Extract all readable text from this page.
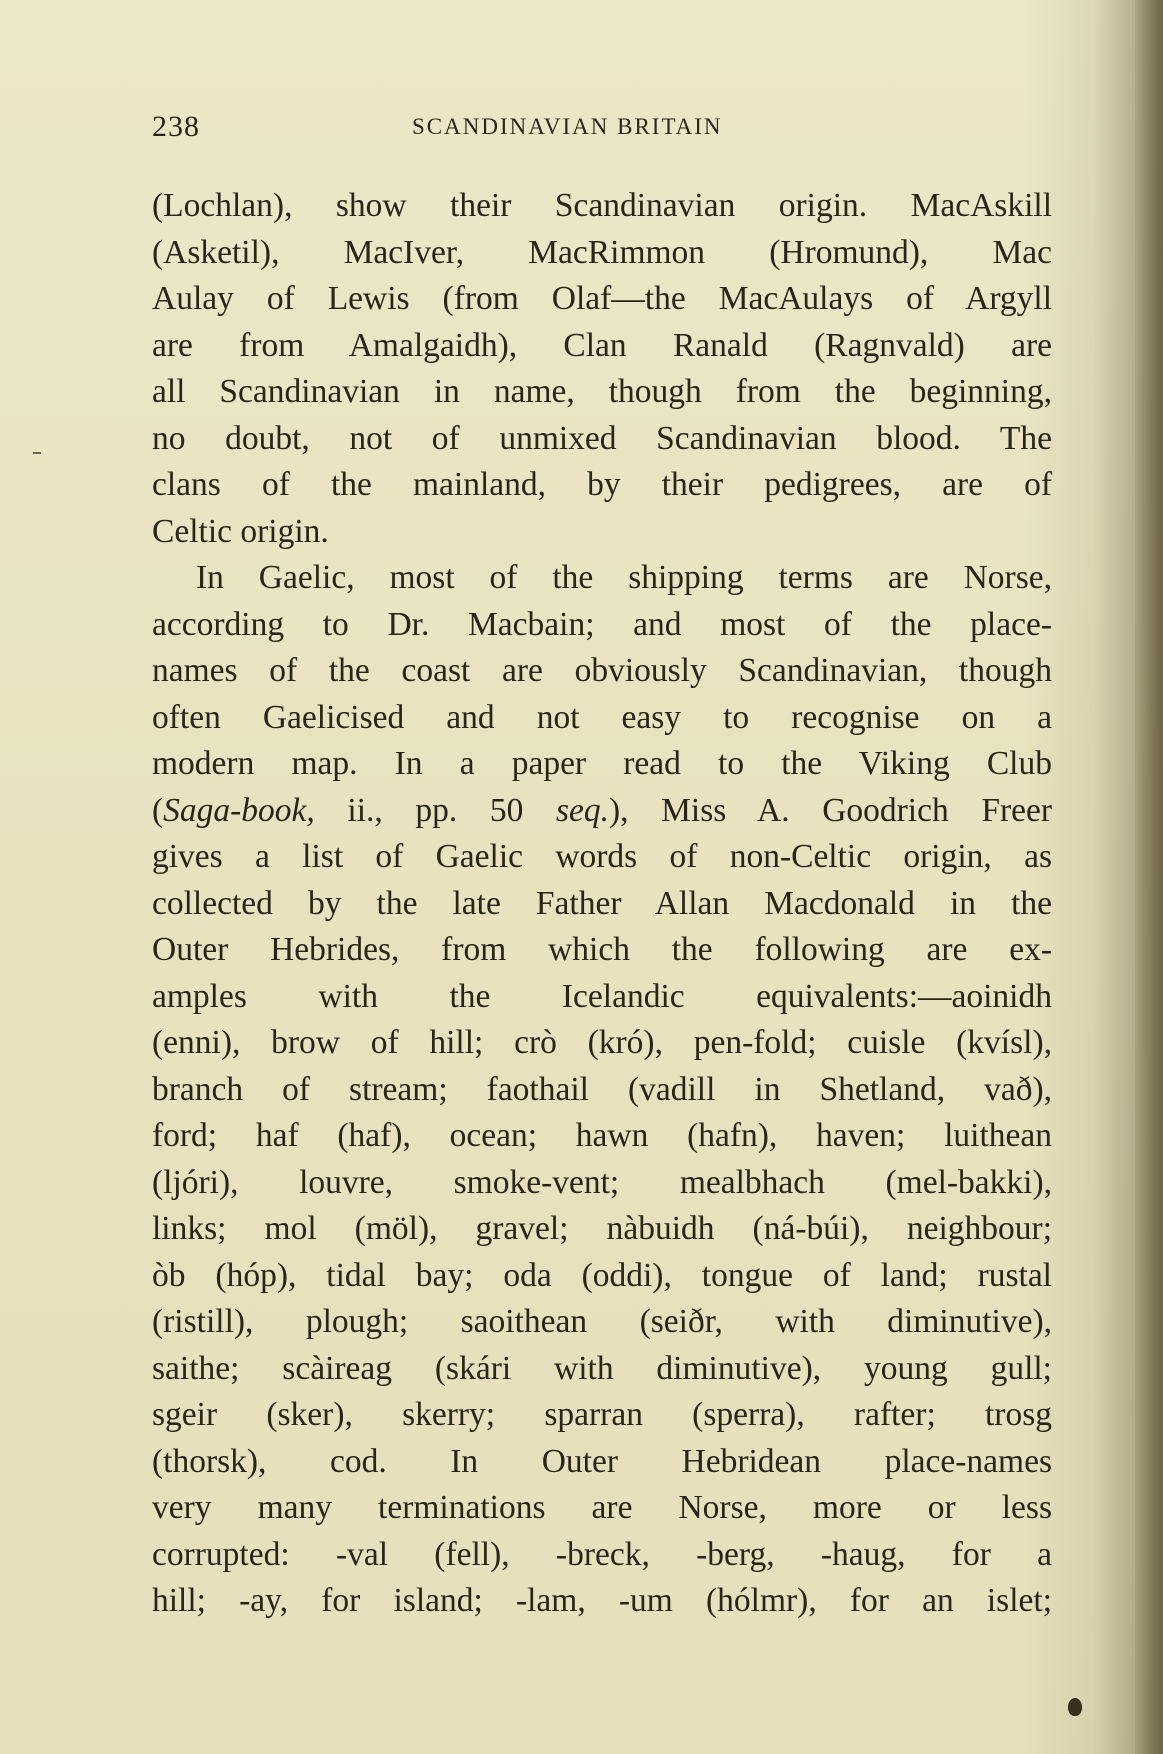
238	SCANDINAVIAN BRITAIN
(Lochlan), show their Scandinavian origin. MacAskill
(Asketil), MacIver, MacRimmon (Hromund), Mac
Aulay of Lewis (from Olaf—the MacAulays of Argyll
are from Amalgaidh), Clan Ranald (Ragnvald) are
all Scandinavian in name, though from the beginning,
no doubt, not of unmixed Scandinavian blood. The
clans of the mainland, by their pedigrees, are of
Celtic origin.
In Gaelic, most of the shipping terms are Norse,
according to Dr. Macbain; and most of the place-
names of the coast are obviously Scandinavian, though
often Gaelicised and not easy to recognise on a
modern map. In a paper read to the Viking Club
(Saga-book, ii., pp. 50 seq.), Miss A. Goodrich Freer
gives a list of Gaelic words of non-Celtic origin, as
collected by the late Father Allan Macdonald in the
Outer Hebrides, from which the following are ex-
amples with the Icelandic equivalents:—aoinidh
(enni), brow of hill; crò (kró), pen-fold; cuisle (kvísl),
branch of stream; faothail (vadill in Shetland, vað),
ford; haf (haf), ocean; hawn (hafn), haven; luithean
(ljóri), louvre, smoke-vent; mealbhach (mel-bakki),
links; mol (möl), gravel; nàbuidh (ná-búi), neighbour;
òb (hóp), tidal bay; oda (oddi), tongue of land; rustal
(ristill), plough; saoithean (seiðr, with diminutive),
saithe; scàireag (skári with diminutive), young gull;
sgeir (sker), skerry; sparran (sperra), rafter; trosg
(thorsk), cod. In Outer Hebridean place-names
very many terminations are Norse, more or less
corrupted: -val (fell), -breck, -berg, -haug, for a
hill; -ay, for island; -lam, -um (hólmr), for an islet;
